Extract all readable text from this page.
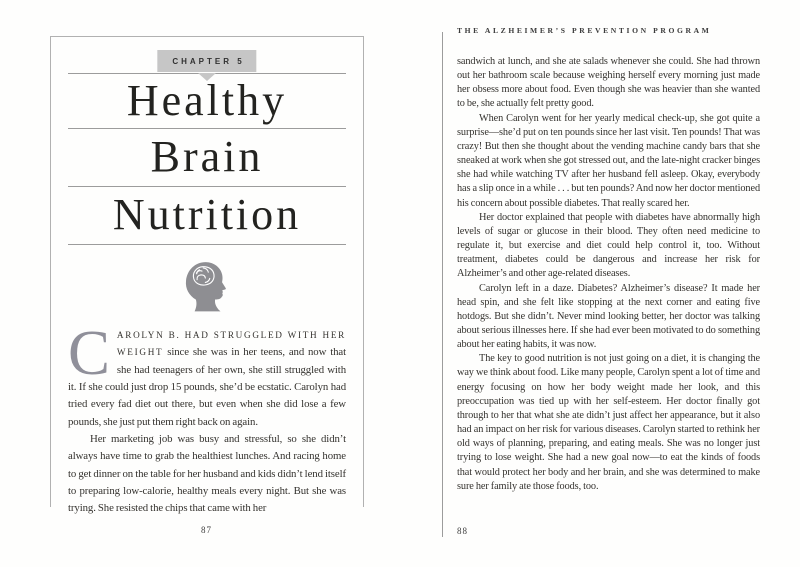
CHAPTER 5
Healthy
Brain
Nutrition

CAROLYN B. HAD STRUGGLED WITH HER WEIGHT since she was in her teens, and now that she had teenagers of her own, she still struggled with it. If she could just drop 15 pounds, she’d be ecstatic. Carolyn had tried every fad diet out there, but even when she did lose a few pounds, she just put them right back on again.

Her marketing job was busy and stressful, so she didn’t always have time to grab the healthiest lunches. And racing home to get dinner on the table for her husband and kids didn’t lend itself to preparing low-calorie, healthy meals every night. But she was trying. She resisted the chips that came with her

87
THE ALZHEIMER’S PREVENTION PROGRAM

sandwich at lunch, and she ate salads whenever she could. She had thrown out her bathroom scale because weighing herself every morning just made her obsess more about food. Even though she was heavier than she wanted to be, she actually felt pretty good.

When Carolyn went for her yearly medical check-up, she got quite a surprise—she’d put on ten pounds since her last visit. Ten pounds! That was crazy! But then she thought about the vending machine candy bars that she sneaked at work when she got stressed out, and the late-night cracker binges she had while watching TV after her husband fell asleep. Okay, everybody has a slip once in a while . . . but ten pounds? And now her doctor mentioned his concern about possible diabetes. That really scared her.

Her doctor explained that people with diabetes have abnormally high levels of sugar or glucose in their blood. They often need medicine to regulate it, but exercise and diet could help control it, too. Without treatment, diabetes could be dangerous and increase her risk for Alzheimer’s and other age-related diseases.

Carolyn left in a daze. Diabetes? Alzheimer’s disease? It made her head spin, and she felt like stopping at the next corner and eating five hotdogs. But she didn’t. Never mind looking better, her doctor was talking about serious illnesses here. If she had ever been motivated to do something about her eating habits, it was now.

The key to good nutrition is not just going on a diet, it is changing the way we think about food. Like many people, Carolyn spent a lot of time and energy focusing on how her body weight made her look, and this preoccupation was tied up with her self-esteem. Her doctor finally got through to her that what she ate didn’t just affect her appearance, but it also had an impact on her risk for various diseases. Carolyn started to rethink her old ways of planning, preparing, and eating meals. She was no longer just trying to lose weight. She had a new goal now—to eat the kinds of foods that would protect her body and her brain, and she was determined to make sure her family ate those foods, too.

88
